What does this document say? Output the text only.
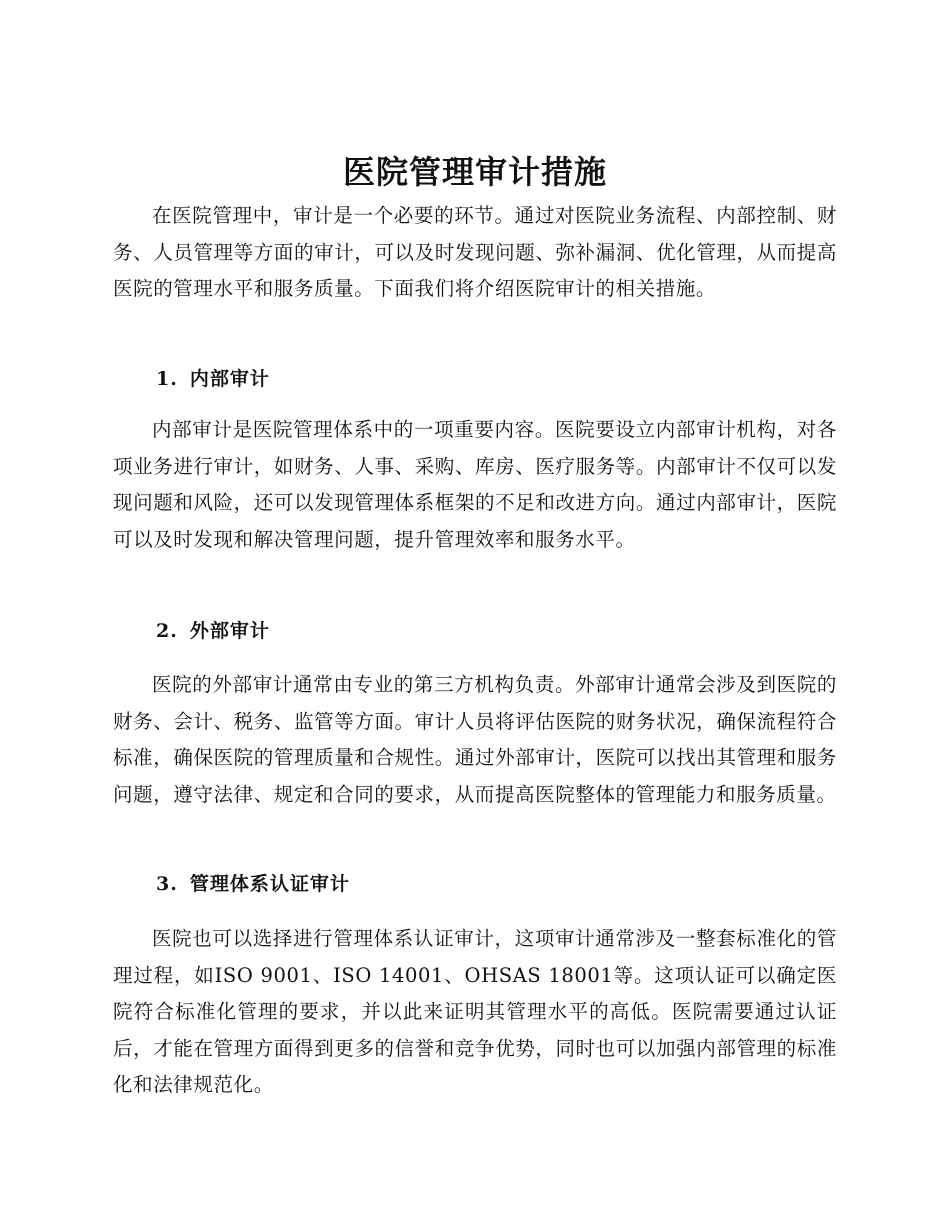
医院管理审计措施

在医院管理中，审计是一个必要的环节。通过对医院业务流程、内部控制、财务、人员管理等方面的审计，可以及时发现问题、弥补漏洞、优化管理，从而提高医院的管理水平和服务质量。下面我们将介绍医院审计的相关措施。

1. 内部审计

内部审计是医院管理体系中的一项重要内容。医院要设立内部审计机构，对各项业务进行审计，如财务、人事、采购、库房、医疗服务等。内部审计不仅可以发现问题和风险，还可以发现管理体系框架的不足和改进方向。通过内部审计，医院可以及时发现和解决管理问题，提升管理效率和服务水平。

2. 外部审计

医院的外部审计通常由专业的第三方机构负责。外部审计通常会涉及到医院的财务、会计、税务、监管等方面。审计人员将评估医院的财务状况，确保流程符合标准，确保医院的管理质量和合规性。通过外部审计，医院可以找出其管理和服务问题，遵守法律、规定和合同的要求，从而提高医院整体的管理能力和服务质量。

3. 管理体系认证审计

医院也可以选择进行管理体系认证审计，这项审计通常涉及一整套标准化的管理过程，如ISO 9001、ISO 14001、OHSAS 18001等。这项认证可以确定医院符合标准化管理的要求，并以此来证明其管理水平的高低。医院需要通过认证后，才能在管理方面得到更多的信誉和竞争优势，同时也可以加强内部管理的标准化和法律规范化。
